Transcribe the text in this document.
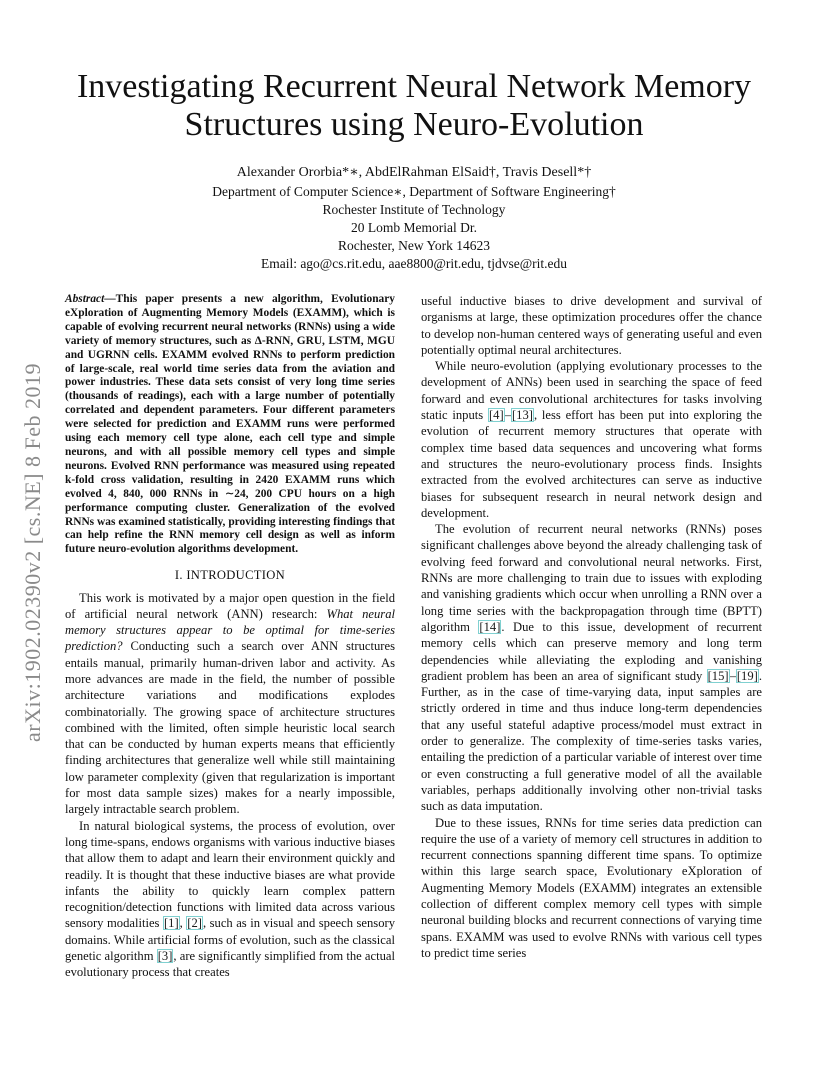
arXiv:1902.02390v2 [cs.NE] 8 Feb 2019
Investigating Recurrent Neural Network Memory
Structures using Neuro-Evolution
Alexander Ororbia*∗, AbdElRahman ElSaid†, Travis Desell*†
Department of Computer Science∗, Department of Software Engineering†
Rochester Institute of Technology
20 Lomb Memorial Dr.
Rochester, New York 14623
Email: ago@cs.rit.edu, aae8800@rit.edu, tjdvse@rit.edu

Abstract—This paper presents a new algorithm, Evolutionary eXploration of Augmenting Memory Models (EXAMM), which is capable of evolving recurrent neural networks (RNNs) using a wide variety of memory structures, such as Δ-RNN, GRU, LSTM, MGU and UGRNN cells. EXAMM evolved RNNs to perform prediction of large-scale, real world time series data from the aviation and power industries. These data sets consist of very long time series (thousands of readings), each with a large number of potentially correlated and dependent parameters. Four different parameters were selected for prediction and EXAMM runs were performed using each memory cell type alone, each cell type and simple neurons, and with all possible memory cell types and simple neurons. Evolved RNN performance was measured using repeated k-fold cross validation, resulting in 2420 EXAMM runs which evolved 4, 840, 000 RNNs in ∼24, 200 CPU hours on a high performance computing cluster. Generalization of the evolved RNNs was examined statistically, providing interesting findings that can help refine the RNN memory cell design as well as inform future neuro-evolution algorithms development.

I. INTRODUCTION

This work is motivated by a major open question in the field of artificial neural network (ANN) research: What neural memory structures appear to be optimal for time-series prediction? Conducting such a search over ANN structures entails manual, primarily human-driven labor and activity. As more advances are made in the field, the number of possible architecture variations and modifications explodes combinatorially. The growing space of architecture structures combined with the limited, often simple heuristic local search that can be conducted by human experts means that efficiently finding architectures that generalize well while still maintaining low parameter complexity (given that regularization is important for most data sample sizes) makes for a nearly impossible, largely intractable search problem.

In natural biological systems, the process of evolution, over long time-spans, endows organisms with various inductive biases that allow them to adapt and learn their environment quickly and readily. It is thought that these inductive biases are what provide infants the ability to quickly learn complex pattern recognition/detection functions with limited data across various sensory modalities [1], [2], such as in visual and speech sensory domains. While artificial forms of evolution, such as the classical genetic algorithm [3], are significantly simplified from the actual evolutionary process that creates

useful inductive biases to drive development and survival of organisms at large, these optimization procedures offer the chance to develop non-human centered ways of generating useful and even potentially optimal neural architectures.

While neuro-evolution (applying evolutionary processes to the development of ANNs) been used in searching the space of feed forward and even convolutional architectures for tasks involving static inputs [4]–[13], less effort has been put into exploring the evolution of recurrent memory structures that operate with complex time based data sequences and uncovering what forms and structures the neuro-evolutionary process finds. Insights extracted from the evolved architectures can serve as inductive biases for subsequent research in neural network design and development.

The evolution of recurrent neural networks (RNNs) poses significant challenges above beyond the already challenging task of evolving feed forward and convolutional neural networks. First, RNNs are more challenging to train due to issues with exploding and vanishing gradients which occur when unrolling a RNN over a long time series with the backpropagation through time (BPTT) algorithm [14]. Due to this issue, development of recurrent memory cells which can preserve memory and long term dependencies while alleviating the exploding and vanishing gradient problem has been an area of significant study [15]–[19]. Further, as in the case of time-varying data, input samples are strictly ordered in time and thus induce long-term dependencies that any useful stateful adaptive process/model must extract in order to generalize. The complexity of time-series tasks varies, entailing the prediction of a particular variable of interest over time or even constructing a full generative model of all the available variables, perhaps additionally involving other non-trivial tasks such as data imputation.

Due to these issues, RNNs for time series data prediction can require the use of a variety of memory cell structures in addition to recurrent connections spanning different time spans. To optimize within this large search space, Evolutionary eXploration of Augmenting Memory Models (EXAMM) integrates an extensible collection of different complex memory cell types with simple neuronal building blocks and recurrent connections of varying time spans. EXAMM was used to evolve RNNs with various cell types to predict time series
